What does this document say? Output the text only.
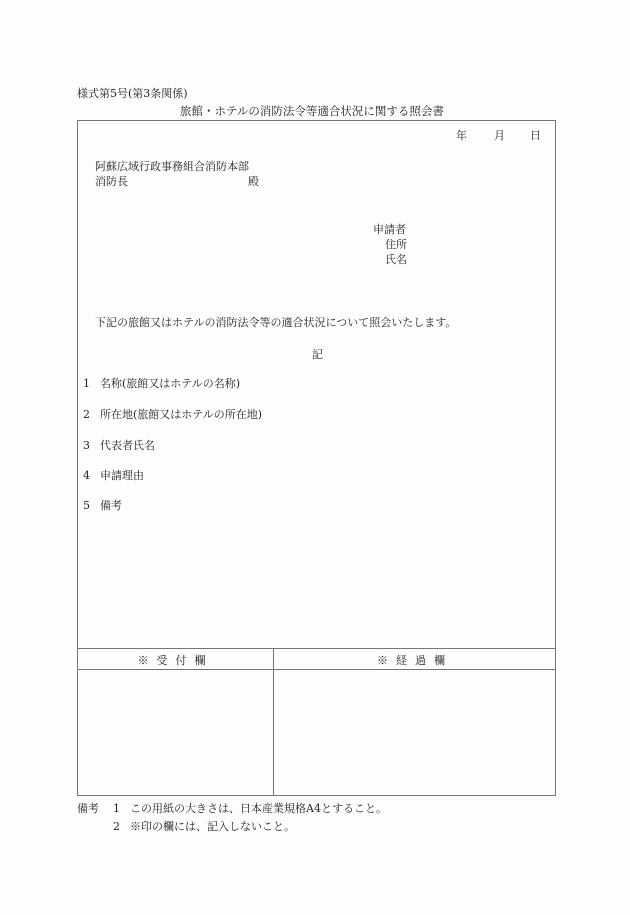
様式第5号(第3条関係)
旅館・ホテルの消防法令等適合状況に関する照会書
年 月 日
阿蘇広域行政事務組合消防本部
消防長	殿
申請者
住所
氏名
下記の旅館又はホテルの消防法令等の適合状況について照会いたします。
記
1 名称(旅館又はホテルの名称)
2 所在地(旅館又はホテルの所在地)
3 代表者氏名
4 申請理由
5 備考
※受付欄	※経過欄
備考 1 この用紙の大きさは、日本産業規格A4とすること。
2 ※印の欄には、記入しないこと。
